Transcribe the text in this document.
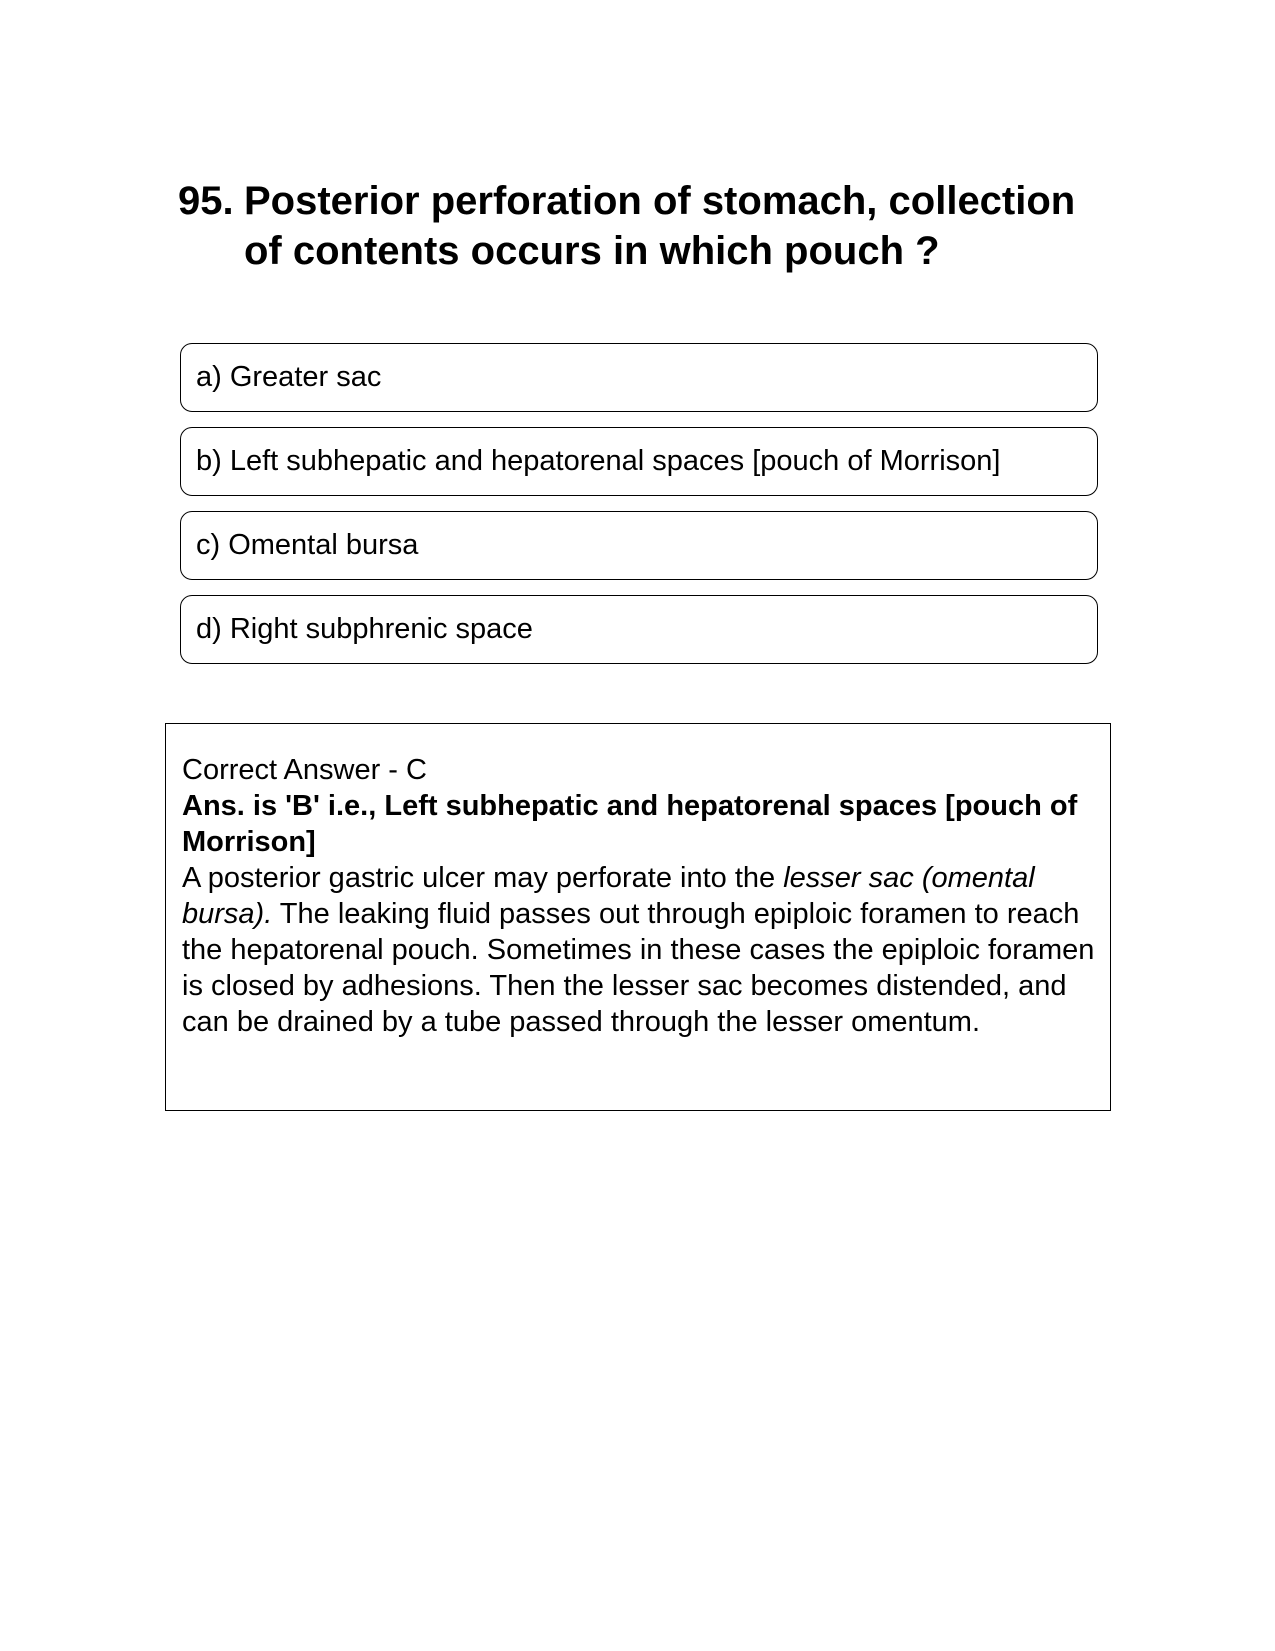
95. Posterior perforation of stomach, collection of contents occurs in which pouch ?
a) Greater sac
b) Left subhepatic and hepatorenal spaces [pouch of Morrison]
c) Omental bursa
d) Right subphrenic space
Correct Answer - C
Ans. is 'B' i.e., Left subhepatic and hepatorenal spaces [pouch of Morrison]
A posterior gastric ulcer may perforate into the lesser sac (omental bursa). The leaking fluid passes out through epiploic foramen to reach the hepatorenal pouch. Sometimes in these cases the epiploic foramen is closed by adhesions. Then the lesser sac becomes distended, and can be drained by a tube passed through the lesser omentum.
